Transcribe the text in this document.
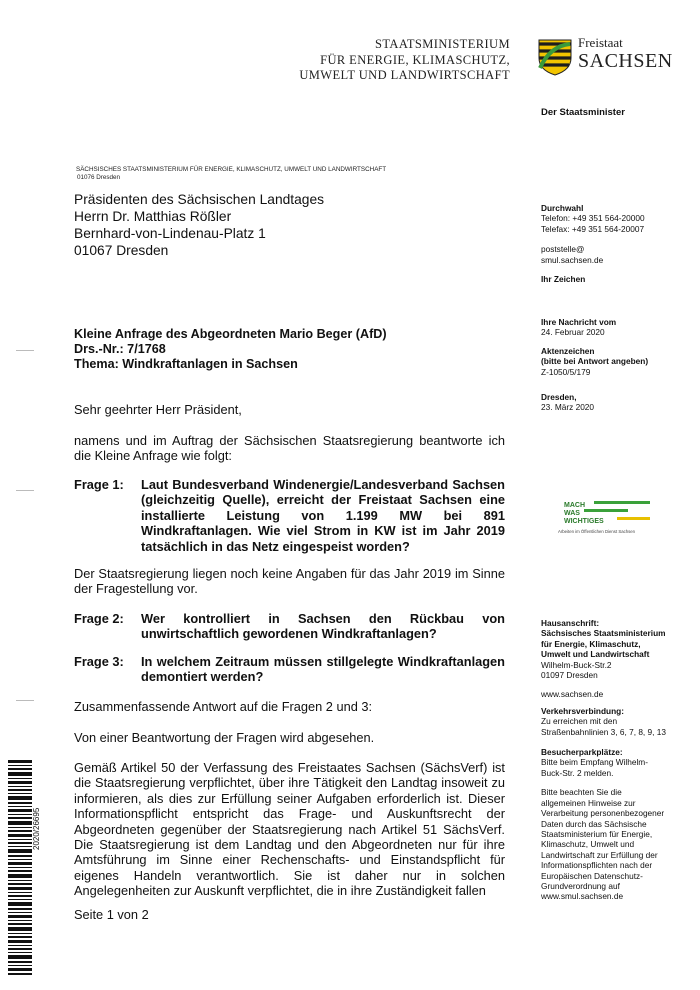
STAATSMINISTERIUM
FÜR ENERGIE, KLIMASCHUTZ,
UMWELT UND LANDWIRTSCHAFT
Freistaat
SACHSEN
Der Staatsminister
SÄCHSISCHES STAATSMINISTERIUM FÜR ENERGIE, KLIMASCHUTZ, UMWELT UND LANDWIRTSCHAFT
01076 Dresden
Präsidenten des Sächsischen Landtages
Herrn Dr. Matthias Rößler
Bernhard-von-Lindenau-Platz 1
01067 Dresden
Durchwahl
Telefon: +49 351 564-20000
Telefax: +49 351 564-20007
poststelle@
smul.sachsen.de
Ihr Zeichen
Ihre Nachricht vom
24. Februar 2020
Aktenzeichen
(bitte bei Antwort angeben)
Z-1050/5/179
Dresden,
23. März 2020
MACH
WAS
WICHTIGES
Arbeiten im Öffentlichen Dienst Sachsen
Hausanschrift:
Sächsisches Staatsministerium
für Energie, Klimaschutz,
Umwelt und Landwirtschaft
Wilhelm-Buck-Str.2
01097 Dresden
www.sachsen.de
Verkehrsverbindung:
Zu erreichen mit den
Straßenbahnlinien 3, 6, 7, 8, 9, 13
Besucherparkplätze:
Bitte beim Empfang Wilhelm-
Buck-Str. 2 melden.
Bitte beachten Sie die
allgemeinen Hinweise zur
Verarbeitung personenbezogener
Daten durch das Sächsische
Staatsministerium für Energie,
Klimaschutz, Umwelt und
Landwirtschaft zur Erfüllung der
Informationspflichten nach der
Europäischen Datenschutz-
Grundverordnung auf
www.smul.sachsen.de
Kleine Anfrage des Abgeordneten Mario Beger (AfD)
Drs.-Nr.: 7/1768
Thema: Windkraftanlagen in Sachsen
Sehr geehrter Herr Präsident,
namens und im Auftrag der Sächsischen Staatsregierung beantworte ich die Kleine Anfrage wie folgt:
Frage 1: Laut Bundesverband Windenergie/Landesverband Sachsen (gleichzeitig Quelle), erreicht der Freistaat Sachsen eine installierte Leistung von 1.199 MW bei 891 Windkraftanlagen. Wie viel Strom in KW ist im Jahr 2019 tatsächlich in das Netz eingespeist worden?
Der Staatsregierung liegen noch keine Angaben für das Jahr 2019 im Sinne der Fragestellung vor.
Frage 2: Wer kontrolliert in Sachsen den Rückbau von unwirtschaftlich gewordenen Windkraftanlagen?
Frage 3: In welchem Zeitraum müssen stillgelegte Windkraftanlagen demontiert werden?
Zusammenfassende Antwort auf die Fragen 2 und 3:
Von einer Beantwortung der Fragen wird abgesehen.
Gemäß Artikel 50 der Verfassung des Freistaates Sachsen (SächsVerf) ist die Staatsregierung verpflichtet, über ihre Tätigkeit den Landtag insoweit zu informieren, als dies zur Erfüllung seiner Aufgaben erforderlich ist. Dieser Informationspflicht entspricht das Frage- und Auskunftsrecht der Abgeordneten gegenüber der Staatsregierung nach Artikel 51 SächsVerf. Die Staatsregierung ist dem Landtag und den Abgeordneten nur für ihre Amtsführung im Sinne einer Rechenschafts- und Einstandspflicht für eigenes Handeln verantwortlich. Sie ist daher nur in solchen Angelegenheiten zur Auskunft verpflichtet, die in ihre Zuständigkeit fallen
Seite 1 von 2
2020/26695
